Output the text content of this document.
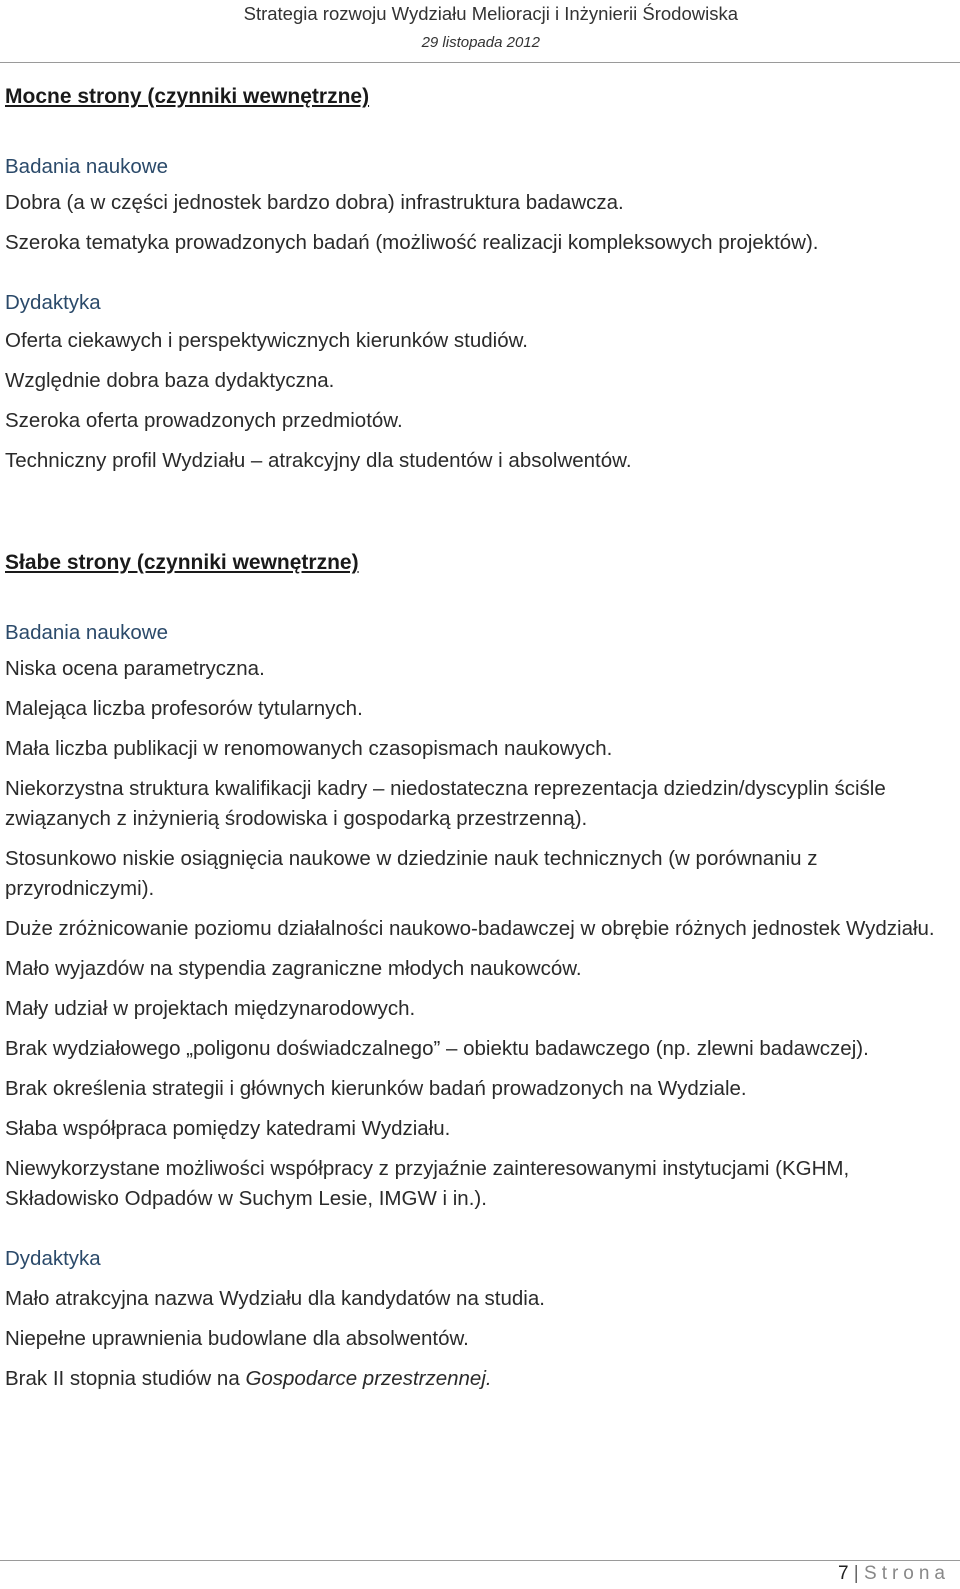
Strategia rozwoju Wydziału Melioracji i Inżynierii Środowiska
29 listopada 2012

Mocne strony (czynniki wewnętrzne)

Badania naukowe

Dobra (a w części jednostek bardzo dobra) infrastruktura badawcza.

Szeroka tematyka prowadzonych badań (możliwość realizacji kompleksowych projektów).

Dydaktyka

Oferta ciekawych i perspektywicznych kierunków studiów.

Względnie dobra baza dydaktyczna.

Szeroka oferta prowadzonych przedmiotów.

Techniczny profil Wydziału – atrakcyjny dla studentów i absolwentów.

Słabe strony (czynniki wewnętrzne)

Badania naukowe

Niska ocena parametryczna.

Malejąca liczba profesorów tytularnych.

Mała liczba publikacji w renomowanych czasopismach naukowych.

Niekorzystna struktura kwalifikacji kadry – niedostateczna reprezentacja dziedzin/dyscyplin ściśle związanych z inżynierią środowiska i gospodarką przestrzenną).

Stosunkowo niskie osiągnięcia naukowe w dziedzinie nauk technicznych (w porównaniu z przyrodniczymi).

Duże zróżnicowanie poziomu działalności naukowo-badawczej w obrębie różnych jednostek Wydziału.

Mało wyjazdów na stypendia zagraniczne młodych naukowców.

Mały udział w projektach międzynarodowych.

Brak wydziałowego „poligonu doświadczalnego” – obiektu badawczego (np. zlewni badawczej).

Brak określenia strategii i głównych kierunków badań prowadzonych na Wydziale.

Słaba współpraca pomiędzy katedrami Wydziału.

Niewykorzystane możliwości współpracy z przyjaźnie zainteresowanymi instytucjami (KGHM, Składowisko Odpadów w Suchym Lesie, IMGW i in.).

Dydaktyka

Mało atrakcyjna nazwa Wydziału dla kandydatów na studia.

Niepełne uprawnienia budowlane dla absolwentów.

Brak II stopnia studiów na Gospodarce przestrzennej.

7 | Strona
